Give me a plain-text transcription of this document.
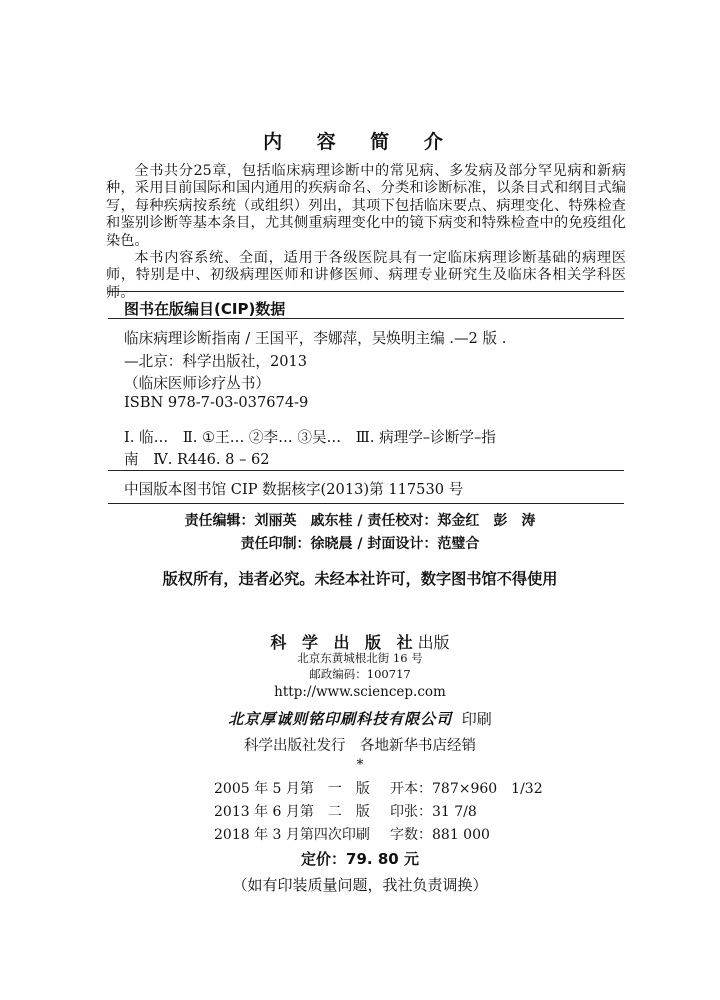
内 容 简 介

全书共分25章，包括临床病理诊断中的常见病、多发病及部分罕见病和新病种，采用目前国际和国内通用的疾病命名、分类和诊断标准，以条目式和纲目式编写，每种疾病按系统（或组织）列出，其项下包括临床要点、病理变化、特殊检查和鉴别诊断等基本条目，尤其侧重病理变化中的镜下病变和特殊检查中的免疫组化染色。

本书内容系统、全面，适用于各级医院具有一定临床病理诊断基础的病理医师，特别是中、初级病理医师和讲修医师、病理专业研究生及临床各相关学科医师。

图书在版编目(CIP)数据
临床病理诊断指南 / 王国平，李娜萍，吴焕明主编 .—2 版 .
—北京：科学出版社，2013
（临床医师诊疗丛书）
ISBN 978-7-03-037674-9
Ⅰ. 临…　Ⅱ. ①王… ②李… ③吴…　Ⅲ. 病理学–诊断学–指
南　Ⅳ. R446. 8 – 62
中国版本图书馆 CIP 数据核字(2013)第 117530 号
责任编辑：刘丽英　戚东桂 / 责任校对：郑金红　彭　涛
责任印制：徐晓晨 / 封面设计：范璧合
版权所有，违者必究。未经本社许可，数字图书馆不得使用
科 学 出 版 社出版
北京东黄城根北街 16 号
邮政编码：100717
http://www.sciencep.com
北京厚诚则铭印刷科技有限公司 印刷
科学出版社发行　各地新华书店经销
*
2005 年 5 月第　一　版 开本：787×960　1/32
2013 年 6 月第　二　版 印张：31 7/8
2018 年 3 月第四次印刷 字数：881 000
定价：79. 80 元
（如有印装质量问题，我社负责调换）
